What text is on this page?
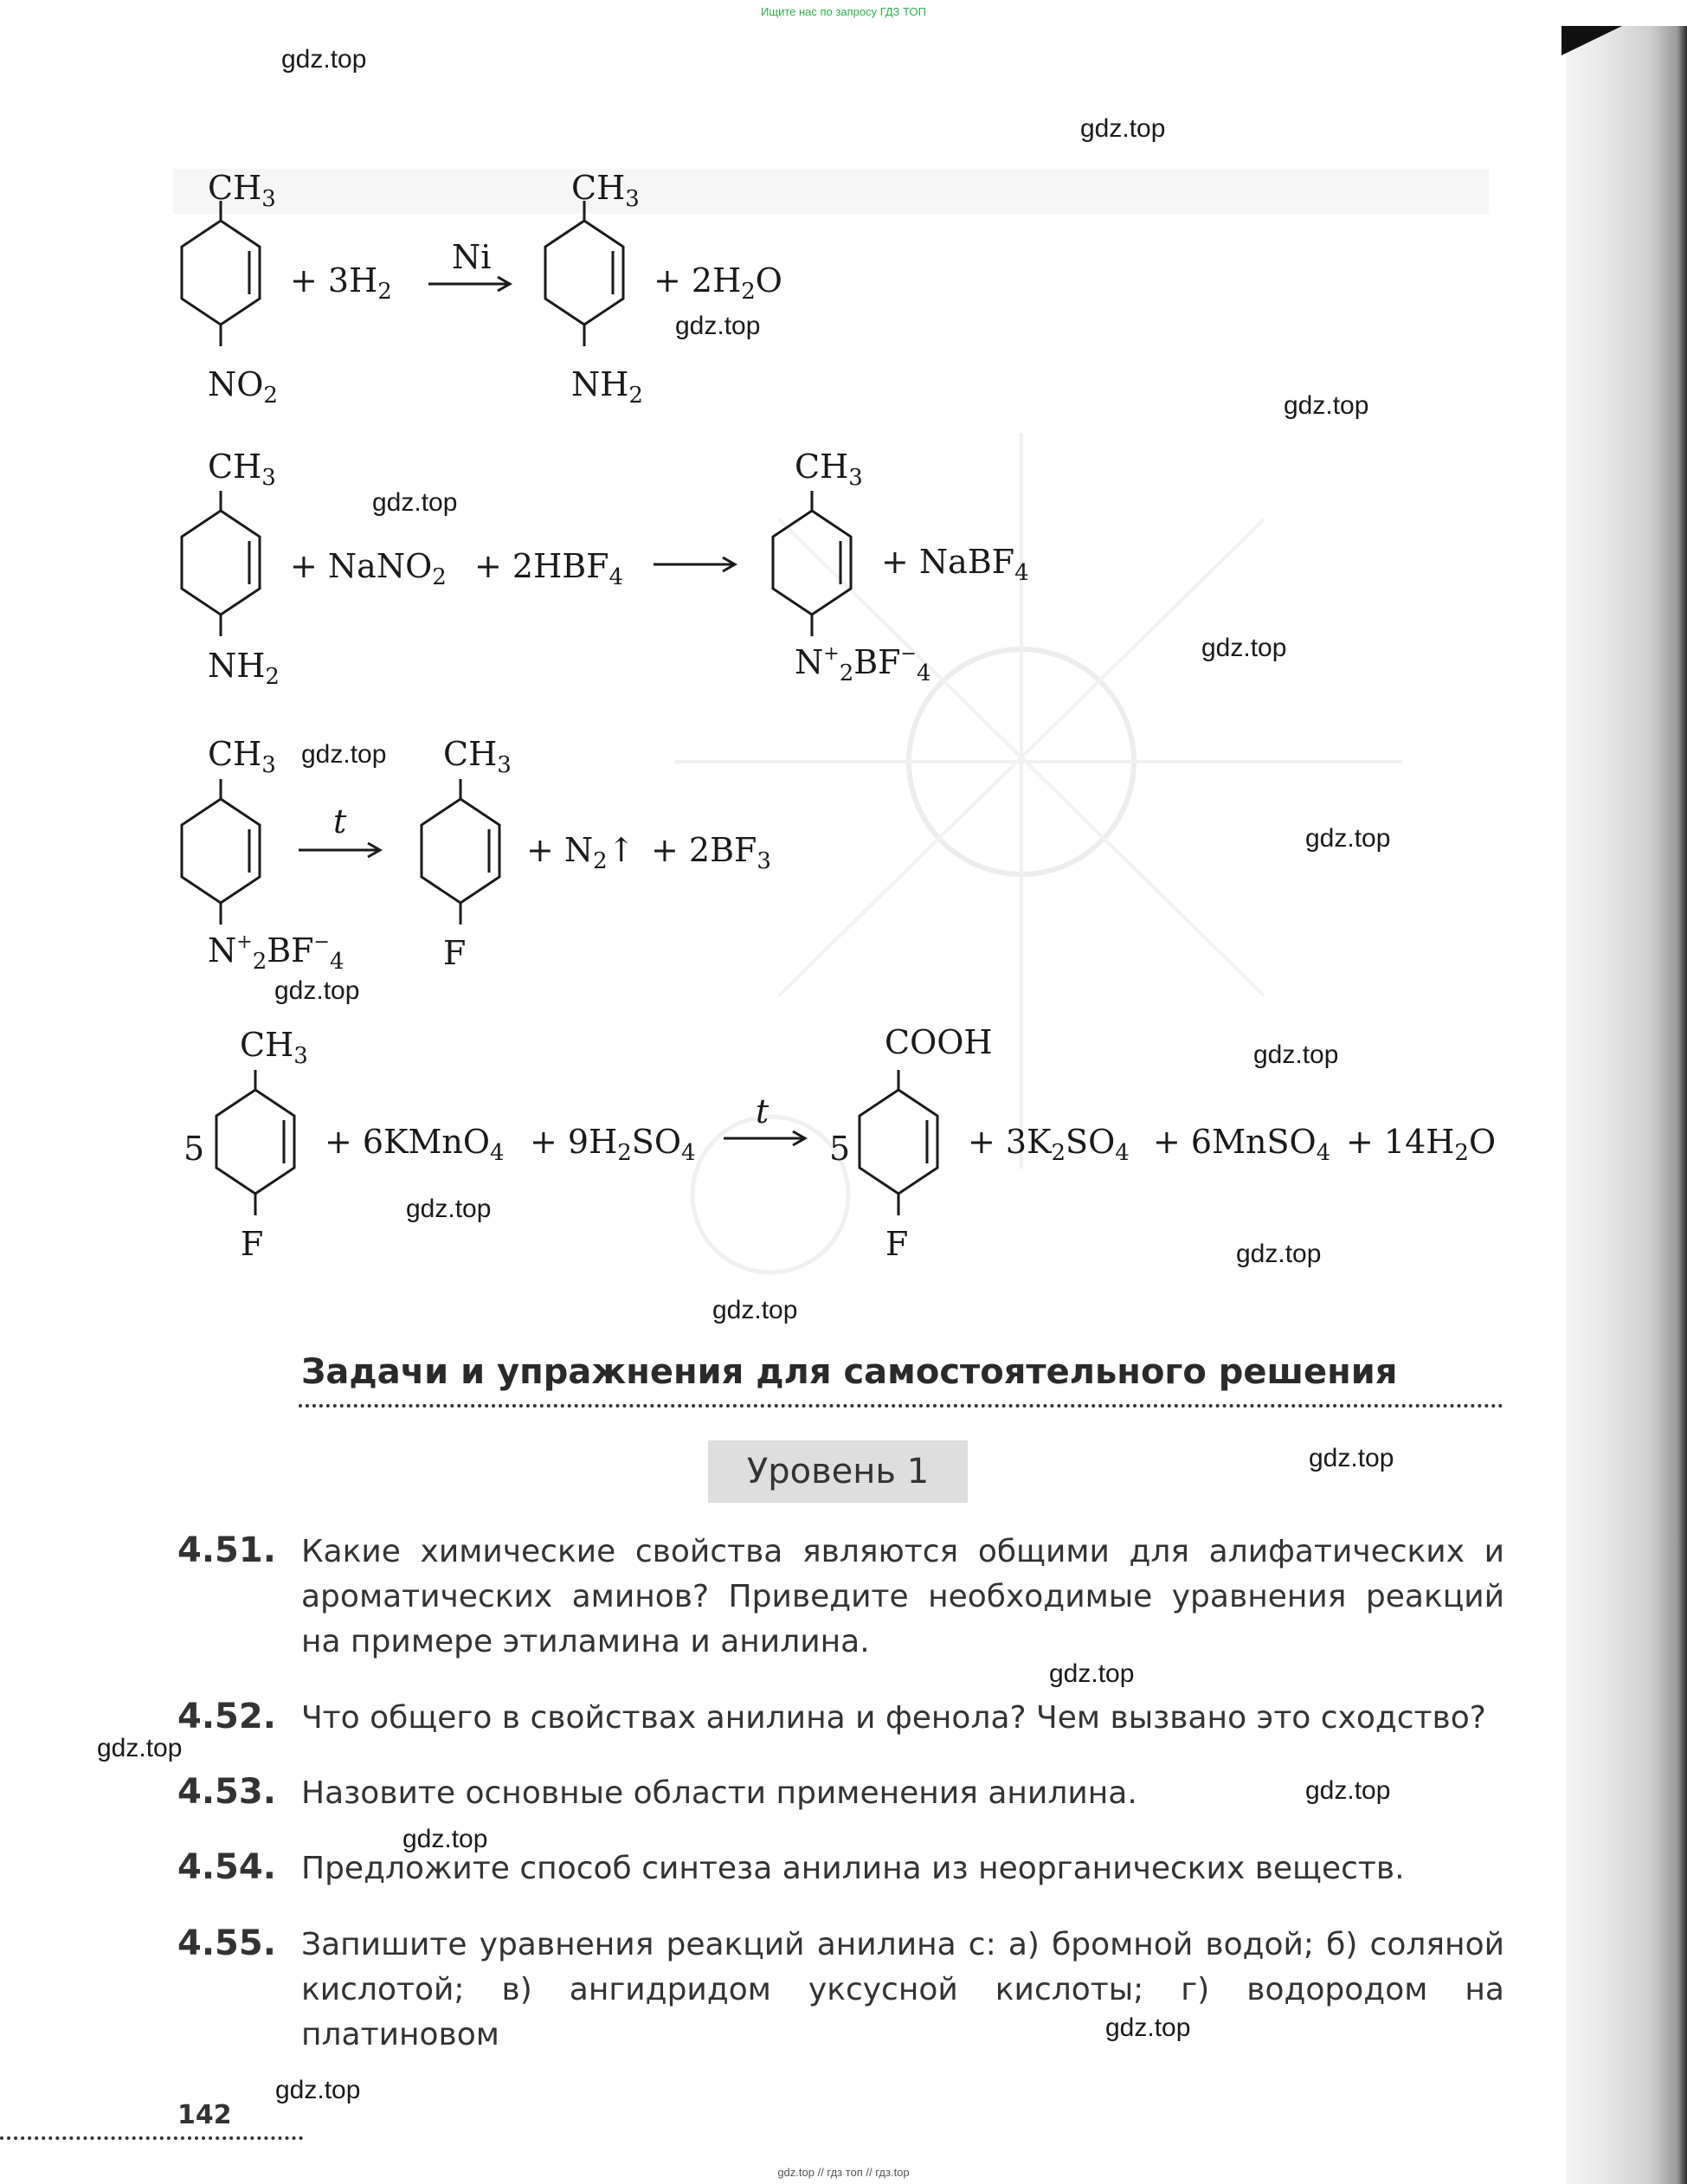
Ищите нас по запросу ГДЗ ТОП
$CH_3$
$NO_2$
+ $3H_2$
Ni
$CH_3$
$NH_2$
+ $2H_2O$
$CH_3$
$NH_2$
+ NaNO$_2$ + $2HBF_4$
$CH_3$
$N^+_2BF^-_4$
+ NaBF$_4$
$CH_3$
$N^+_2BF^-_4$
t
$CH_3$
F
+ $N_2↑ + 2BF_3$
$CH_3$
5
F
+ 6KMnO$_4$ + $9H_2SO_4$
t
COOH
5
F
+ $3K_2SO_4$ + 6MnSO$_4$ + $14H_2O$
Задачи и упражнения для самостоятельного решения
Уровень 1
4.51. Какие химические свойства являются общими для алифатических и ароматических аминов? Приведите необходимые уравнения реакций на примере этиламина и анилина.
4.52. Что общего в свойствах анилина и фенола? Чем вызвано это сходство?
4.53. Назовите основные области применения анилина.
4.54. Предложите способ синтеза анилина из неорганических веществ.
4.55. Запишите уравнения реакций анилина с: а) бромной водой; б) соляной кислотой; в) ангидридом уксусной кислоты; г) водородом на платиновом
142
gdz.top
gdz.top
gdz.top
gdz.top
gdz.top
gdz.top
gdz.top
gdz.top
gdz.top
gdz.top
gdz.top
gdz.top
gdz.top
gdz.top
gdz.top
gdz.top
gdz.top
gdz.top
gdz.top
gdz.top
gdz.top // гдз топ // гдз.top
